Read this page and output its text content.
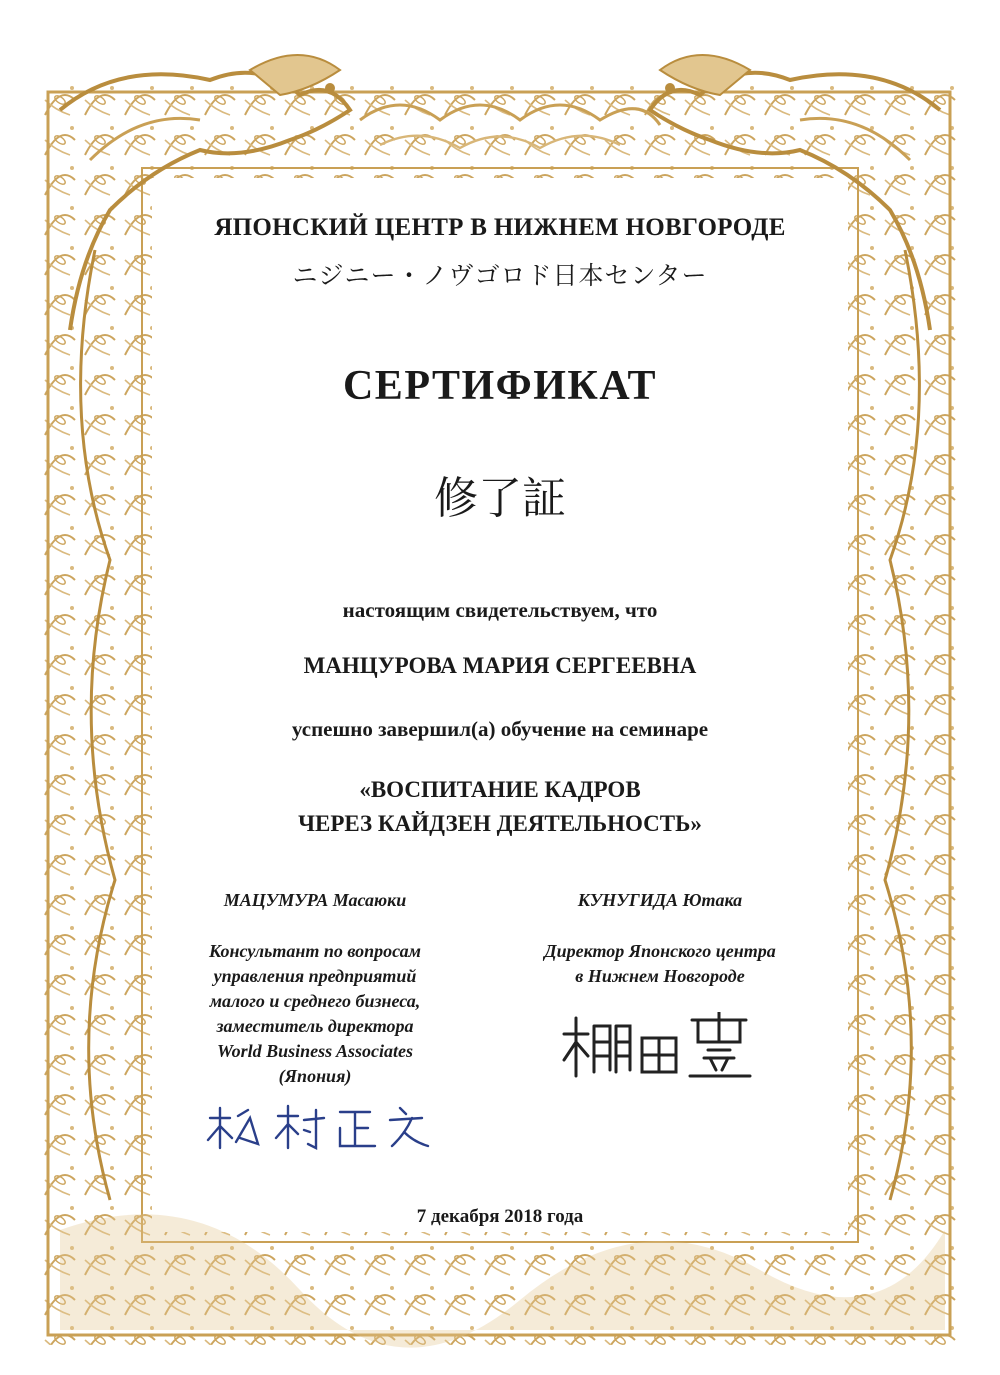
ЯПОНСКИЙ ЦЕНТР В НИЖНЕМ НОВГОРОДЕ
ニジニー・ノヴゴロド日本センター
СЕРТИФИКАТ
修了証
настоящим свидетельствуем, что
МАНЦУРОВА МАРИЯ СЕРГЕЕВНА
успешно завершил(а) обучение на семинаре
«ВОСПИТАНИЕ КАДРОВ
ЧЕРЕЗ КАЙДЗЕН ДЕЯТЕЛЬНОСТЬ»
МАЦУМУРА Масаюки
Консультант по вопросам
управления предприятий
малого и среднего бизнеса,
заместитель директора
World Business Associates
(Япония)
КУНУГИДА Ютака
Директор Японского центра
в Нижнем Новгороде
7 декабря 2018 года
